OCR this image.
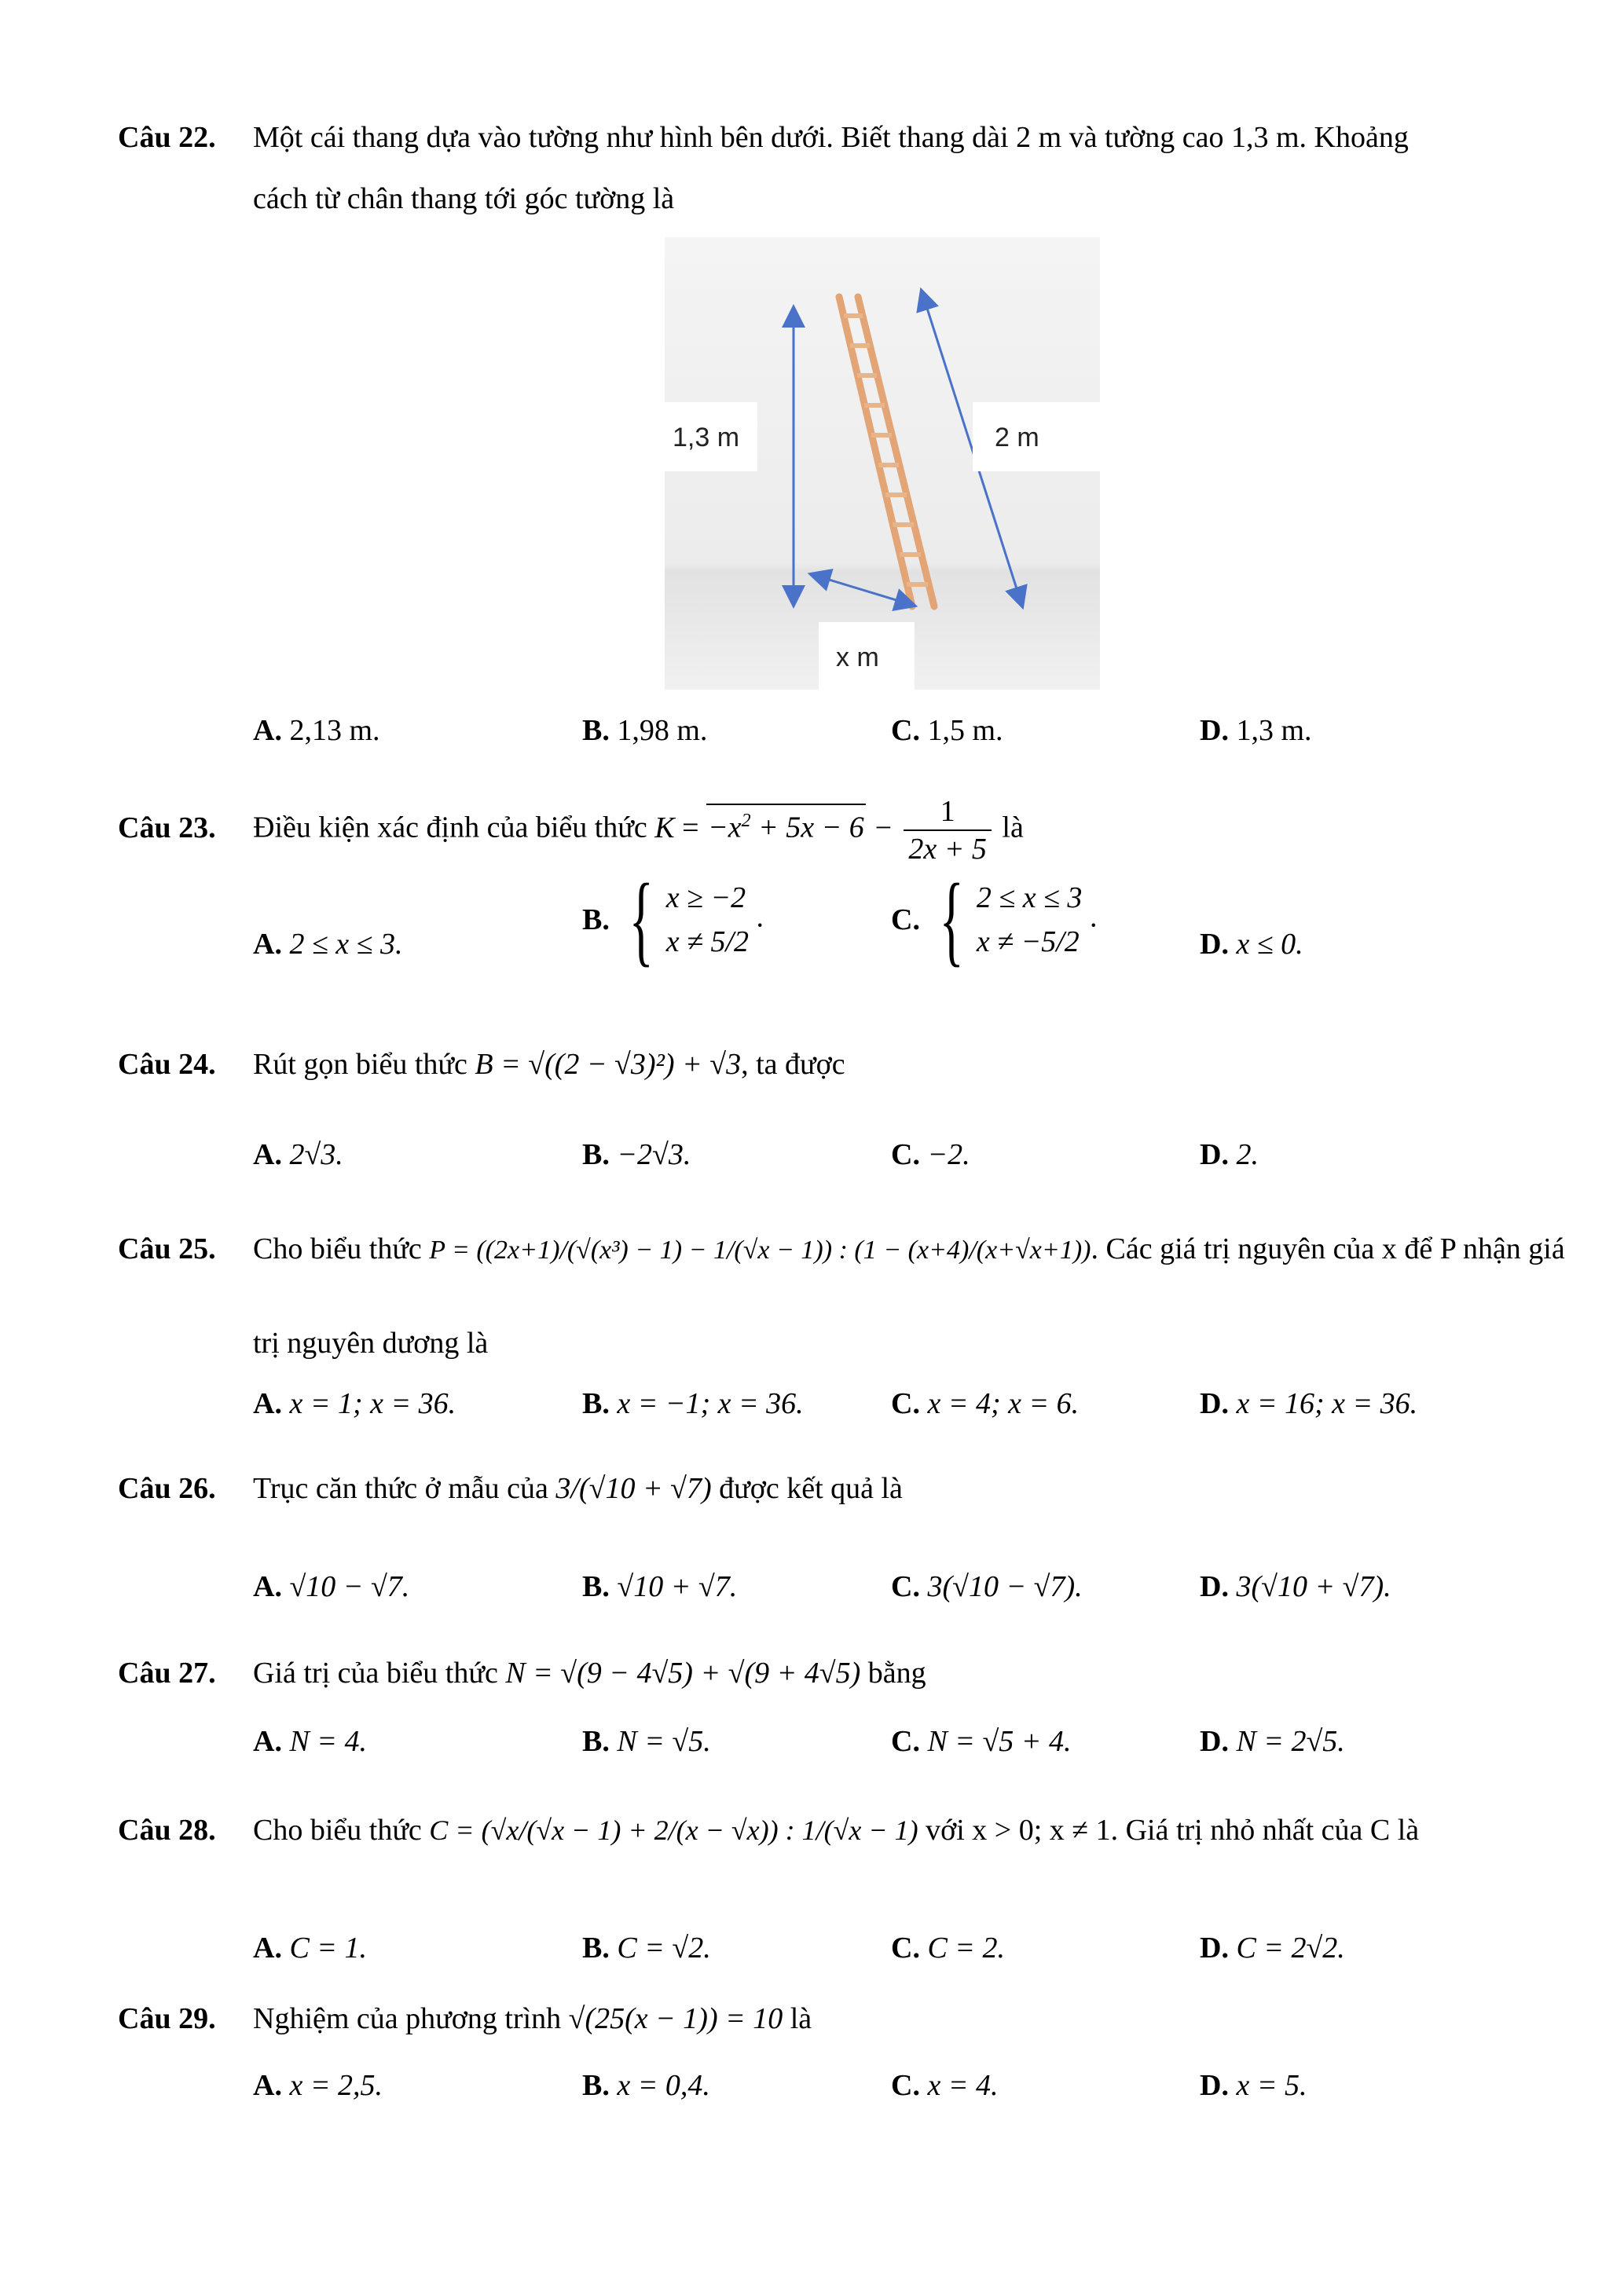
Câu 22. Một cái thang dựa vào tường như hình bên dưới. Biết thang dài 2 m và tường cao 1,3 m. Khoảng
cách từ chân thang tới góc tường là
1,3 m	2 m
x m
A. 2,13 m.	B. 1,98 m.	C. 1,5 m.	D. 1,3 m.
Câu 23. Điều kiện xác định của biểu thức $K = -x^2 + 5x - 6 - \frac{1}{2x + 5}$ là
A. 2 ≤ x ≤ 3.
B. { x ≥ −2
x ≠ 5/2
.	C. { 2 ≤ x ≤ 3
x ≠ −5/2
.
D. x ≤ 0.
Câu 24. Rút gọn biểu thức B = √((2 − √3)²) + √3, ta được
A. 2√3.	B. −2√3.	C. −2.	D. 2.
Câu 25. Cho biểu thức P = ((2x+1)/(√(x³) − 1) − 1/(√x − 1)) : (1 − (x+4)/(x+√x+1)). Các giá trị nguyên của x để P nhận giá
trị nguyên dương là
A. x = 1; x = 36.	B. x = −1; x = 36.	C. x = 4; x = 6.	D. x = 16; x = 36.
Câu 26. Trục căn thức ở mẫu của 3/(√10 + √7) được kết quả là
A. √10 − √7.	B. √10 + √7.	C. 3(√10 − √7).	D. 3(√10 + √7).
Câu 27. Giá trị của biểu thức N = √(9 − 4√5) + √(9 + 4√5) bằng
A. N = 4.	B. N = √5.	C. N = √5 + 4.	D. N = 2√5.
Câu 28. Cho biểu thức C = (√x/(√x − 1) + 2/(x − √x)) : 1/(√x − 1) với x > 0; x ≠ 1. Giá trị nhỏ nhất của C là
A. C = 1.	B. C = √2.	C. C = 2.	D. C = 2√2.
Câu 29. Nghiệm của phương trình √(25(x − 1)) = 10 là
A. x = 2,5.	B. x = 0,4.	C. x = 4.	D. x = 5.
